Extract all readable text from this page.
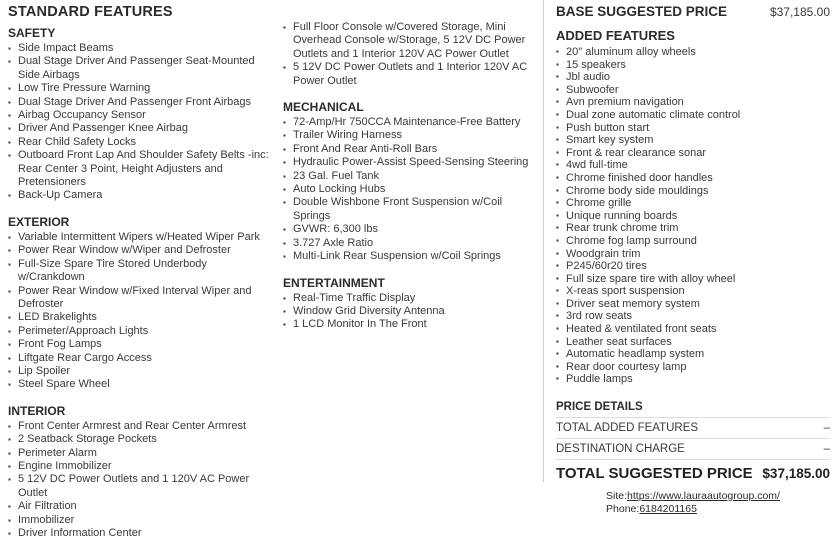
STANDARD FEATURES
SAFETY
▪ Side Impact Beams
▪ Dual Stage Driver And Passenger Seat-Mounted Side Airbags
▪ Low Tire Pressure Warning
▪ Dual Stage Driver And Passenger Front Airbags
▪ Airbag Occupancy Sensor
▪ Driver And Passenger Knee Airbag
▪ Rear Child Safety Locks
▪ Outboard Front Lap And Shoulder Safety Belts -inc: Rear Center 3 Point, Height Adjusters and Pretensioners
▪ Back-Up Camera
EXTERIOR
▪ Variable Intermittent Wipers w/Heated Wiper Park
▪ Power Rear Window w/Wiper and Defroster
▪ Full-Size Spare Tire Stored Underbody w/Crankdown
▪ Power Rear Window w/Fixed Interval Wiper and Defroster
▪ LED Brakelights
▪ Perimeter/Approach Lights
▪ Front Fog Lamps
▪ Liftgate Rear Cargo Access
▪ Lip Spoiler
▪ Steel Spare Wheel
INTERIOR
▪ Front Center Armrest and Rear Center Armrest
▪ 2 Seatback Storage Pockets
▪ Perimeter Alarm
▪ Engine Immobilizer
▪ 5 12V DC Power Outlets and 1 120V AC Power Outlet
▪ Air Filtration
▪ Immobilizer
▪ Driver Information Center
▪ Full Floor Console w/Covered Storage, Mini Overhead Console w/Storage, 5 12V DC Power Outlets and 1 Interior 120V AC Power Outlet
▪ 5 12V DC Power Outlets and 1 Interior 120V AC Power Outlet
MECHANICAL
▪ 72-Amp/Hr 750CCA Maintenance-Free Battery
▪ Trailer Wiring Harness
▪ Front And Rear Anti-Roll Bars
▪ Hydraulic Power-Assist Speed-Sensing Steering
▪ 23 Gal. Fuel Tank
▪ Auto Locking Hubs
▪ Double Wishbone Front Suspension w/Coil Springs
▪ GVWR: 6,300 lbs
▪ 3.727 Axle Ratio
▪ Multi-Link Rear Suspension w/Coil Springs
ENTERTAINMENT
▪ Real-Time Traffic Display
▪ Window Grid Diversity Antenna
▪ 1 LCD Monitor In The Front
BASE SUGGESTED PRICE	$37,185.00
ADDED FEATURES
▪ 20" aluminum alloy wheels
▪ 15 speakers
▪ Jbl audio
▪ Subwoofer
▪ Avn premium navigation
▪ Dual zone automatic climate control
▪ Push button start
▪ Smart key system
▪ Front & rear clearance sonar
▪ 4wd full-time
▪ Chrome finished door handles
▪ Chrome body side mouldings
▪ Chrome grille
▪ Unique running boards
▪ Rear trunk chrome trim
▪ Chrome fog lamp surround
▪ Woodgrain trim
▪ P245/60r20 tires
▪ Full size spare tire with alloy wheel
▪ X-reas sport suspension
▪ Driver seat memory system
▪ 3rd row seats
▪ Heated & ventilated front seats
▪ Leather seat surfaces
▪ Automatic headlamp system
▪ Rear door courtesy lamp
▪ Puddle lamps
PRICE DETAILS
TOTAL ADDED FEATURES	–
DESTINATION CHARGE	–
TOTAL SUGGESTED PRICE $37,185.00
Site:https://www.lauraautogroup.com/
Phone:6184201165
